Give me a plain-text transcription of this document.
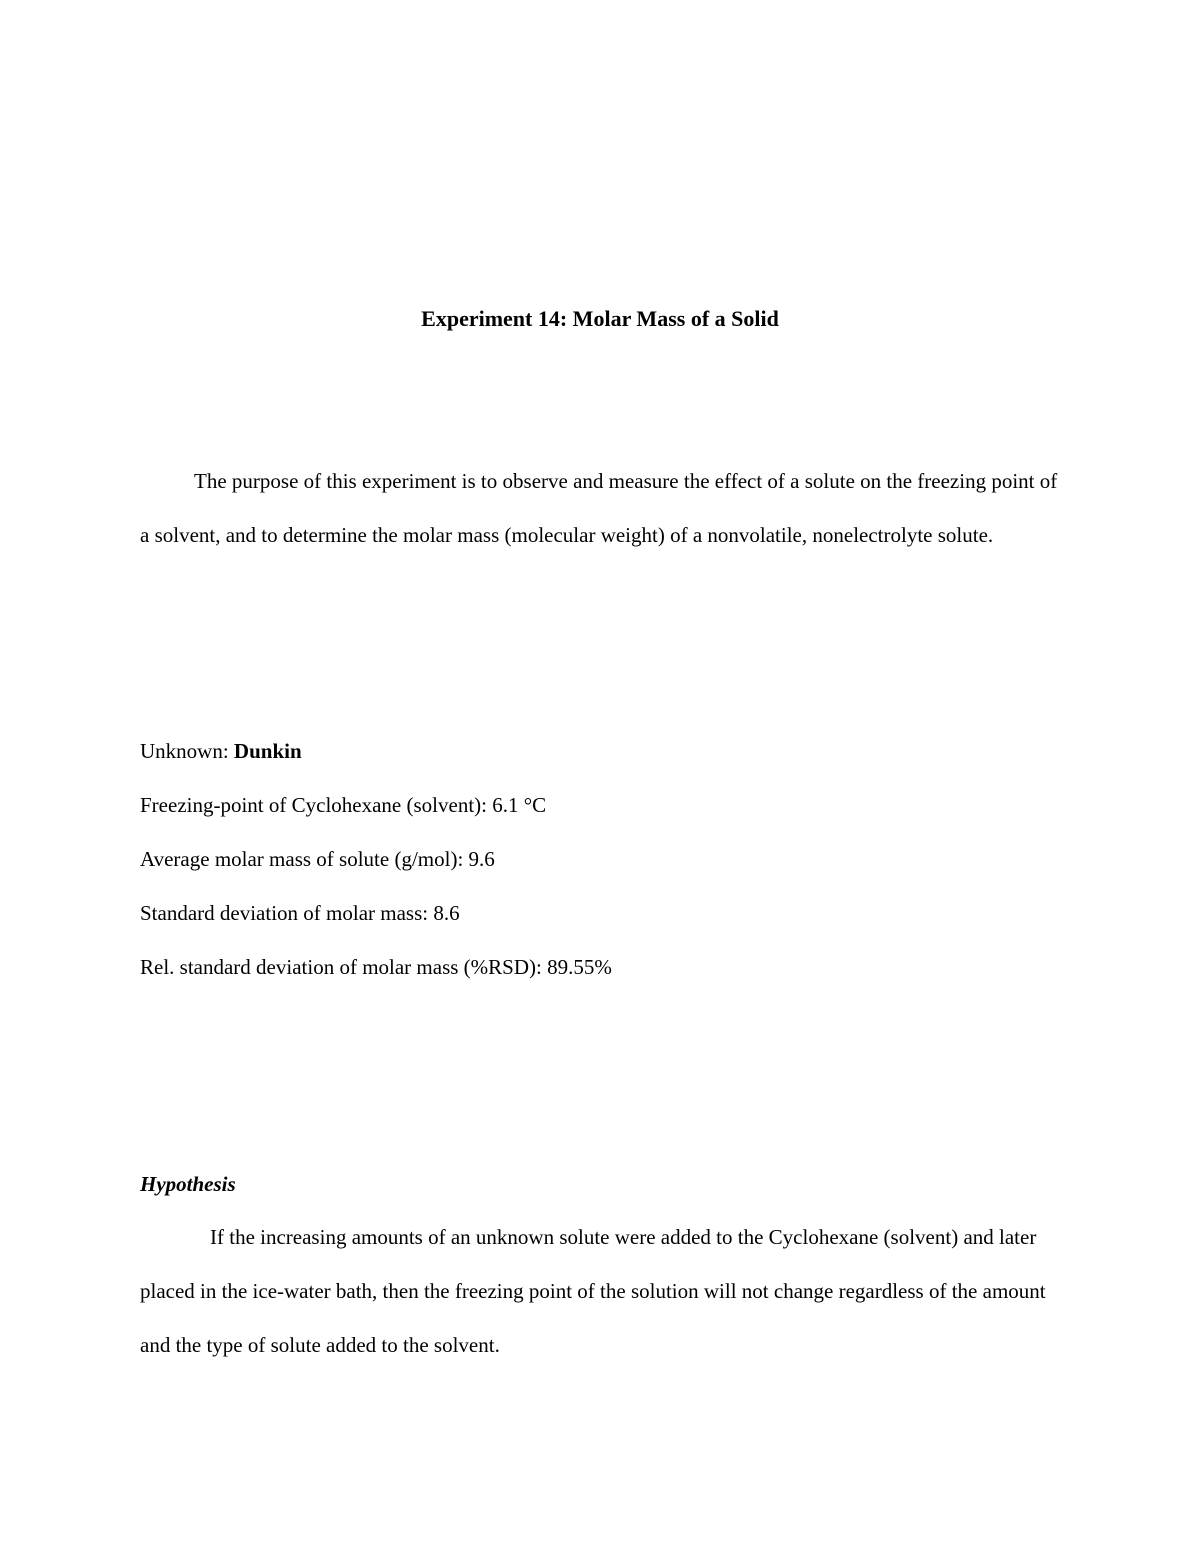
Experiment 14: Molar Mass of a Solid

The purpose of this experiment is to observe and measure the effect of a solute on the freezing point of a solvent, and to determine the molar mass (molecular weight) of a nonvolatile, nonelectrolyte solute.

Unknown: Dunkin

Freezing-point of Cyclohexane (solvent): 6.1 °C

Average molar mass of solute (g/mol): 9.6

Standard deviation of molar mass: 8.6

Rel. standard deviation of molar mass (%RSD): 89.55%

Hypothesis

If the increasing amounts of an unknown solute were added to the Cyclohexane (solvent) and later placed in the ice-water bath, then the freezing point of the solution will not change regardless of the amount and the type of solute added to the solvent.
